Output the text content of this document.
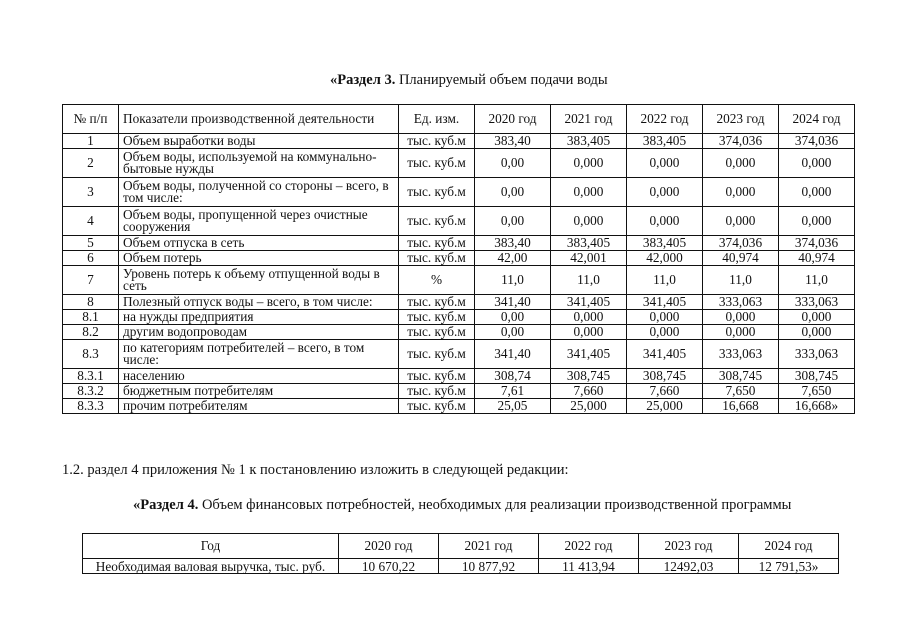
«Раздел 3. Планируемый объем подачи воды
№ п/п	Показатели производственной деятельности	Ед. изм.	2020 год	2021 год	2022 год	2023 год	2024 год
1	Объем выработки воды	тыс. куб.м	383,40	383,405	383,405	374,036	374,036
2	Объем воды, используемой на коммунально-бытовые нужды	тыс. куб.м	0,00	0,000	0,000	0,000	0,000
3	Объем воды, полученной со стороны – всего, в том числе:	тыс. куб.м	0,00	0,000	0,000	0,000	0,000
4	Объем воды, пропущенной через очистные сооружения	тыс. куб.м	0,00	0,000	0,000	0,000	0,000
5	Объем отпуска в сеть	тыс. куб.м	383,40	383,405	383,405	374,036	374,036
6	Объем потерь	тыс. куб.м	42,00	42,001	42,000	40,974	40,974
7	Уровень потерь к объему отпущенной воды в сеть	%	11,0	11,0	11,0	11,0	11,0
8	Полезный отпуск воды – всего, в том числе:	тыс. куб.м	341,40	341,405	341,405	333,063	333,063
8.1	на нужды предприятия	тыс. куб.м	0,00	0,000	0,000	0,000	0,000
8.2	другим водопроводам	тыс. куб.м	0,00	0,000	0,000	0,000	0,000
8.3	по категориям потребителей – всего, в том числе:	тыс. куб.м	341,40	341,405	341,405	333,063	333,063
8.3.1	населению	тыс. куб.м	308,74	308,745	308,745	308,745	308,745
8.3.2	бюджетным потребителям	тыс. куб.м	7,61	7,660	7,660	7,650	7,650
8.3.3	прочим потребителям	тыс. куб.м	25,05	25,000	25,000	16,668	16,668»
1.2. раздел 4 приложения № 1 к постановлению изложить в следующей редакции:
«Раздел 4. Объем финансовых потребностей, необходимых для реализации производственной программы
Год	2020 год	2021 год	2022 год	2023 год	2024 год
Необходимая валовая выручка, тыс. руб.	10 670,22	10 877,92	11 413,94	12492,03	12 791,53»
